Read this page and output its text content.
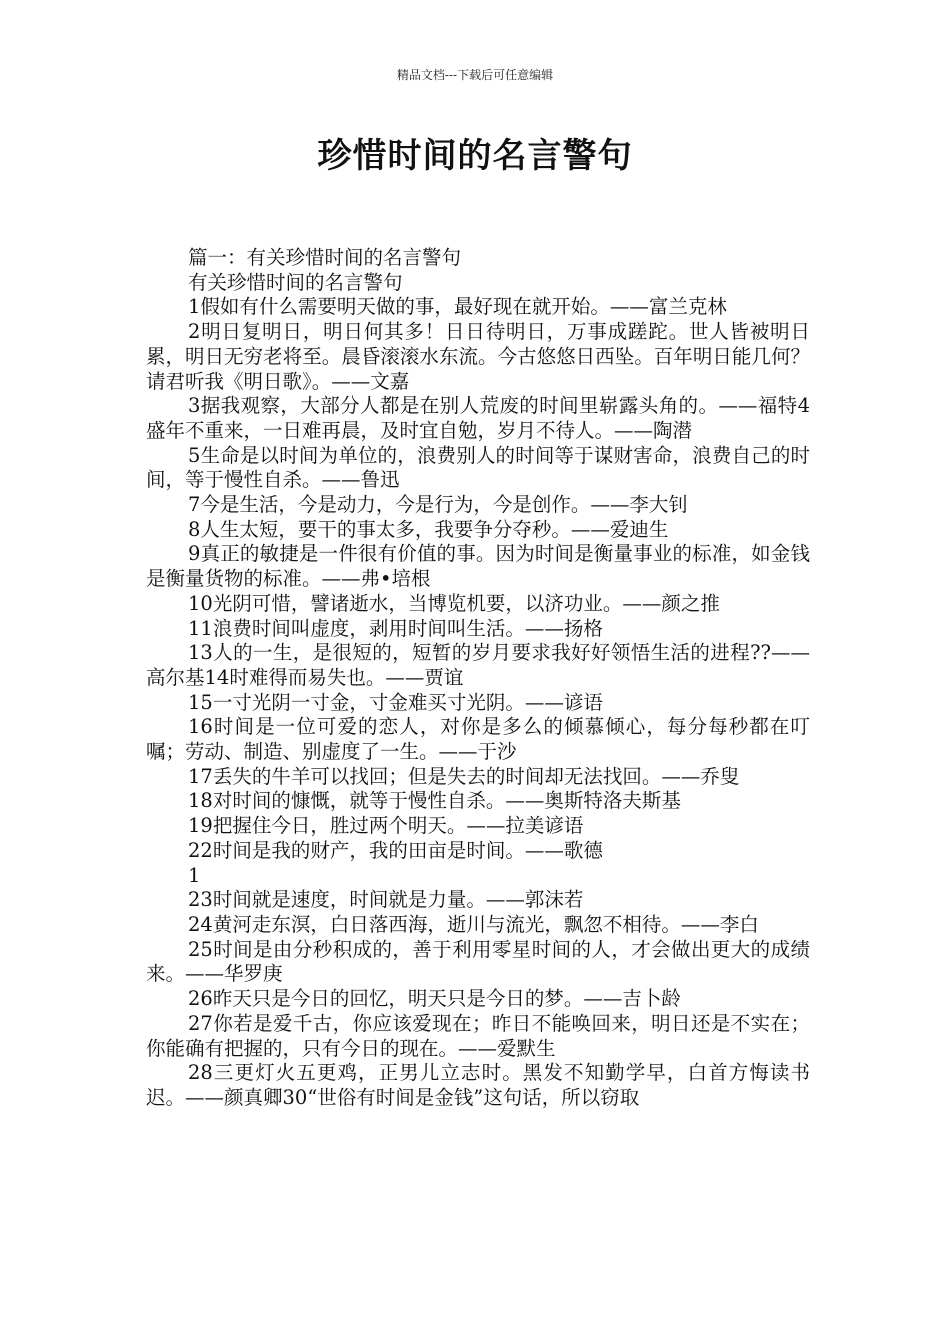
精品文档---下载后可任意编辑
珍惜时间的名言警句

篇一：有关珍惜时间的名言警句

有关珍惜时间的名言警句

1假如有什么需要明天做的事，最好现在就开始。——富兰克林

2明日复明日，明日何其多！日日待明日，万事成蹉跎。世人皆被明日累，明日无穷老将至。晨昏滚滚水东流。今古悠悠日西坠。百年明日能几何？请君听我《明日歌》。——文嘉

3据我观察，大部分人都是在别人荒废的时间里崭露头角的。——福特4盛年不重来，一日难再晨，及时宜自勉，岁月不待人。——陶潜

5生命是以时间为单位的，浪费别人的时间等于谋财害命，浪费自己的时间，等于慢性自杀。——鲁迅

7今是生活，今是动力，今是行为，今是创作。——李大钊

8人生太短，要干的事太多，我要争分夺秒。——爱迪生

9真正的敏捷是一件很有价值的事。因为时间是衡量事业的标准，如金钱是衡量货物的标准。——弗•培根

10光阴可惜，譬诸逝水，当博览机要，以济功业。——颜之推

11浪费时间叫虚度，剥用时间叫生活。——扬格

13人的一生，是很短的，短暂的岁月要求我好好领悟生活的进程??——高尔基14时难得而易失也。——贾谊

15一寸光阴一寸金，寸金难买寸光阴。——谚语

16时间是一位可爱的恋人，对你是多么的倾慕倾心，每分每秒都在叮嘱；劳动、制造、别虚度了一生。——于沙

17丢失的牛羊可以找回；但是失去的时间却无法找回。——乔叟

18对时间的慷慨，就等于慢性自杀。——奥斯特洛夫斯基

19把握住今日，胜过两个明天。——拉美谚语

22时间是我的财产，我的田亩是时间。——歌德

1

23时间就是速度，时间就是力量。——郭沫若

24黄河走东溟，白日落西海，逝川与流光，飘忽不相待。——李白

25时间是由分秒积成的，善于利用零星时间的人，才会做出更大的成绩来。——华罗庚

26昨天只是今日的回忆，明天只是今日的梦。——吉卜龄

27你若是爱千古，你应该爱现在；昨日不能唤回来，明日还是不实在；你能确有把握的，只有今日的现在。——爱默生

28三更灯火五更鸡，正男儿立志时。黑发不知勤学早，白首方悔读书迟。——颜真卿30“世俗有时间是金钱”这句话，所以窃取
